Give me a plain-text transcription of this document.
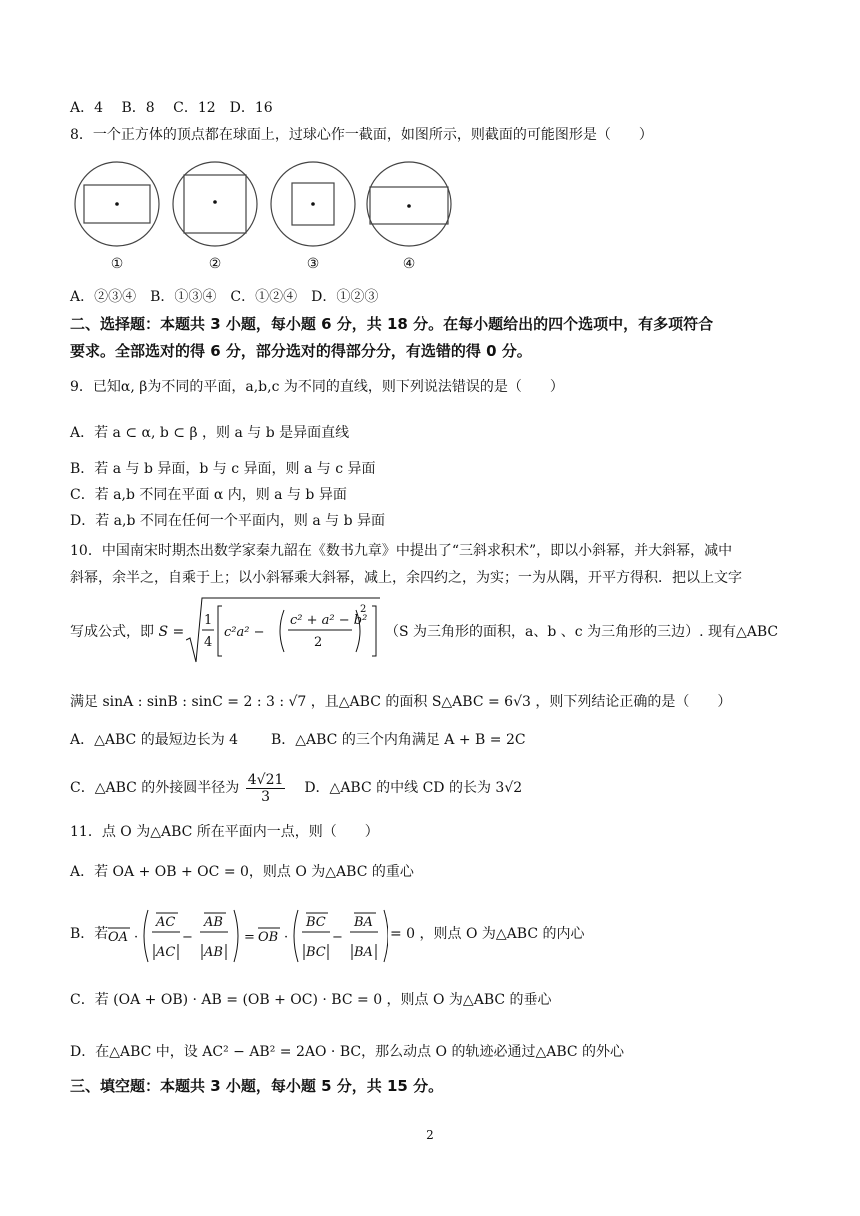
A．4　 B．8　 C．12　D．16
8．一个正方体的顶点都在球面上，过球心作一截面，如图所示，则截面的可能图形是（　　）
①	②	③	④
A．②③④　B．①③④　C．①②④　D．①②③
二、选择题：本题共 3 小题，每小题 6 分，共 18 分。在每小题给出的四个选项中，有多项符合
要求。全部选对的得 6 分，部分选对的得部分分，有选错的得 0 分。
9．已知α, β为不同的平面，a,b,c 为不同的直线，则下列说法错误的是（　　）
A．若 a ⊂ α, b ⊂ β ，则 a 与 b 是异面直线
B．若 a 与 b 异面，b 与 c 异面，则 a 与 c 异面
C．若 a,b 不同在平面 α 内，则 a 与 b 异面
D．若 a,b 不同在任何一个平面内，则 a 与 b 异面
10．中国南宋时期杰出数学家秦九韶在《数书九章》中提出了“三斜求积术”，即以小斜幂，并大斜幂，减中
斜幂，余半之，自乘于上；以小斜幂乘大斜幂，减上，余四约之，为实；一为从隅，开平方得积．把以上文字
写成公式，即 S =
1
4
c²a² −
c² + a² − b²
2
2
（S 为三角形的面积，a、b 、c 为三角形的三边）. 现有△ABC
满足 sinA : sinB : sinC = 2 : 3 : √7 ，且△ABC 的面积 S△ABC = 6√3 ，则下列结论正确的是（　　）
A．△ABC 的最短边长为 4 B．△ABC 的三个内角满足 A + B = 2C
C．△ABC 的外接圆半径为 $\frac{4√21}{3}$ D．△ABC 的中线 CD 的长为 3√2
11．点 O 为△ABC 所在平面内一点，则（　　）
A．若 OA + OB + OC = 0，则点 O 为△ABC 的重心
B．若 OA ·
AC
AC
−
AB
AB
= OB ·
BC
BC
−
BA
BA
= 0 ，则点 O 为△ABC 的内心
C．若 (OA + OB) · AB = (OB + OC) · BC = 0 ，则点 O 为△ABC 的垂心
D．在△ABC 中，设 AC² − AB² = 2AO · BC，那么动点 O 的轨迹必通过△ABC 的外心
三、填空题：本题共 3 小题，每小题 5 分，共 15 分。
2
